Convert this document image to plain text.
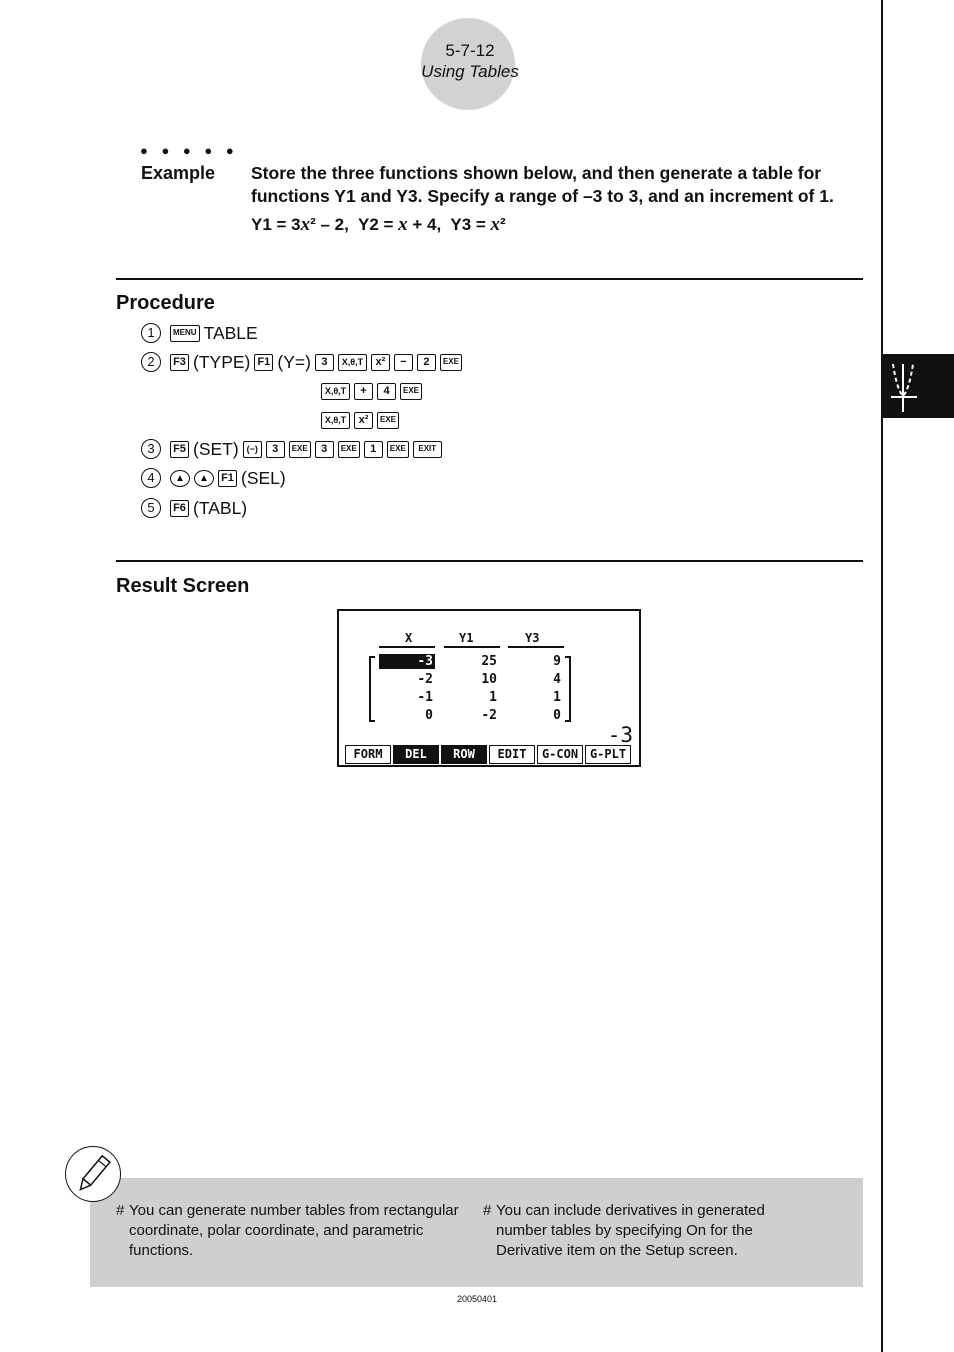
5-7-12
Using Tables
● ● ● ● ●
Example Store the three functions shown below, and then generate a table for functions Y1 and Y3. Specify a range of –3 to 3, and an increment of 1.
Y1 = 3x² – 2,  Y2 = x + 4,  Y3 = x²
Procedure
1	MENU TABLE
2	F3 (TYPE) F1 (Y=) 3	X,θ,T	x²	−	2	EXE
X,θ,T	+	4	EXE
X,θ,T	x²	EXE
3	F5 (SET) (−)	3	EXE	3	EXE	1	EXE	EXIT
4	▲	▲	F1 (SEL)
5	F6 (TABL)
Result Screen
X	Y1	Y3
-3	25	9
-2	10	4
-1	1	1
0	-2	0
-3
FORM	DEL	ROW	EDIT	G-CON G-PLT
# You can generate number tables from rectangular coordinate, polar coordinate, and parametric functions.
# You can include derivatives in generated number tables by specifying On for the Derivative item on the Setup screen.
20050401
